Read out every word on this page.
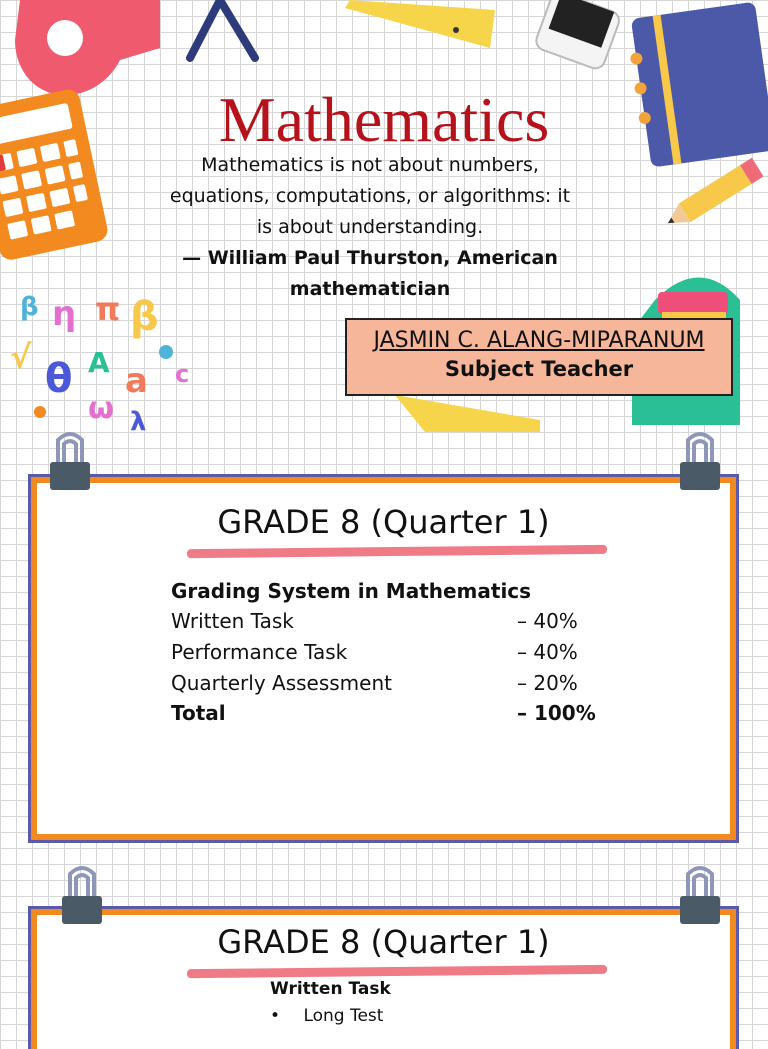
β η π β
√ θ A a c
ω λ
Mathematics
Mathematics is not about numbers,
equations, computations, or algorithms: it
is about understanding.
— William Paul Thurston, American
mathematician
JASMIN C. ALANG-MIPARANUM
Subject Teacher
GRADE 8 (Quarter 1)
Grading System in Mathematics
Written Task	– 40%
Performance Task	– 40%
Quarterly Assessment	– 20%
Total	– 100%
GRADE 8 (Quarter 1)
Written Task
• Long Test
